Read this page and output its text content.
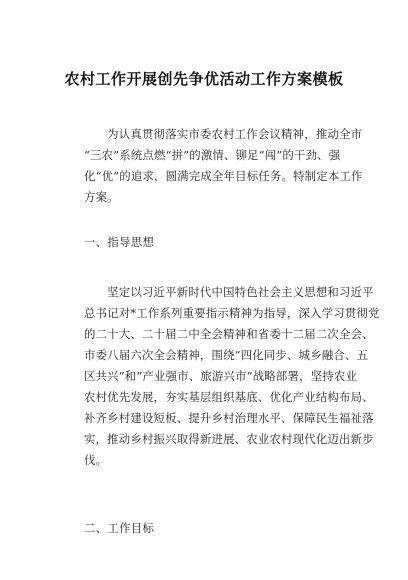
农村工作开展创先争优活动工作方案模板
　　为认真贯彻落实市委农村工作会议精神，推动全市
“三农”系统点燃“拼”的激情、铆足“闯”的干劲、强
化“优”的追求，圆满完成全年目标任务。特制定本工作
方案。
一、指导思想
　　坚定以习近平新时代中国特色社会主义思想和习近平
总书记对*工作系列重要指示精神为指导，深入学习贯彻党
的二十大、二十届二中全会精神和省委十二届二次全会、
市委八届六次全会精神，围绕“四化同步、城乡融合、五
区共兴”和“产业强市、旅游兴市”战略部署，坚持农业
农村优先发展，夯实基层组织基底、优化产业结构布局、
补齐乡村建设短板、提升乡村治理水平、保障民生福祉落
实，推动乡村振兴取得新进展、农业农村现代化迈出新步
伐。
二、工作目标
